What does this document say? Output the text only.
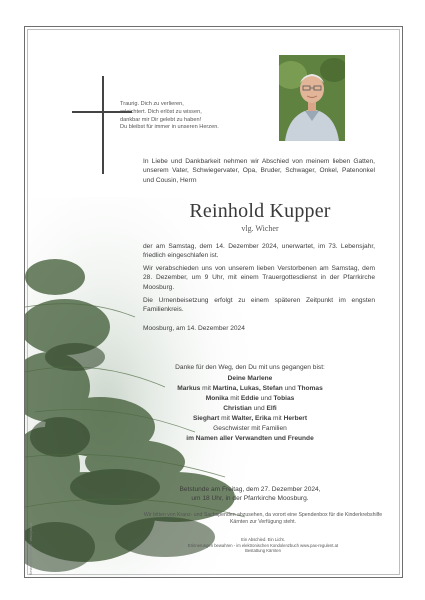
Traurig. Dich zu verlieren,
erleichtert. Dich erlöst zu wissen,
dankbar mir Dir gelebt zu haben!
Du bleibst für immer in unseren Herzen.
In Liebe und Dankbarkeit nehmen wir Abschied von meinem lieben Gatten, unserem Vater, Schwiegervater, Opa, Bruder, Schwager, Onkel, Patenonkel und Cousin, Herrn
Reinhold Kupper
vlg. Wicher
der am Samstag, dem 14. Dezember 2024, unerwartet, im 73. Lebensjahr, friedlich eingeschlafen ist.
Wir verabschieden uns von unserem lieben Verstorbenen am Samstag, dem 28. Dezember, um 9 Uhr, mit einem Trauergottesdienst in der Pfarrkirche Moosburg.
Die Urnenbeisetzung erfolgt zu einem späteren Zeitpunkt im engsten Familienkreis.
Moosburg, am 14. Dezember 2024
Danke für den Weg, den Du mit uns gegangen bist:
Deine Marlene
Markus mit Martina, Lukas, Stefan und Thomas
Monika mit Eddie und Tobias
Christian und Elfi
Sieghart mit Walter, Erika mit Herbert
Geschwister mit Familien
im Namen aller Verwandten und Freunde
Betstunde am Freitag, dem 27. Dezember 2024,
um 18 Uhr, in der Pfarrkirche Moosburg.
Wir bitten von Kranz- und Sachspenden abzusehen, da vorort eine Spendenbox für die Kinderkrebshilfe Kärnten zur Verfügung steht.
Ein Abschied. Ein Licht.
Erinnerungen bewahren - im elektronischen Kondolenzbuch www.pax-regulent.at
Bestattung Kärnten
Bestattung Kärnten · www.pax.at
